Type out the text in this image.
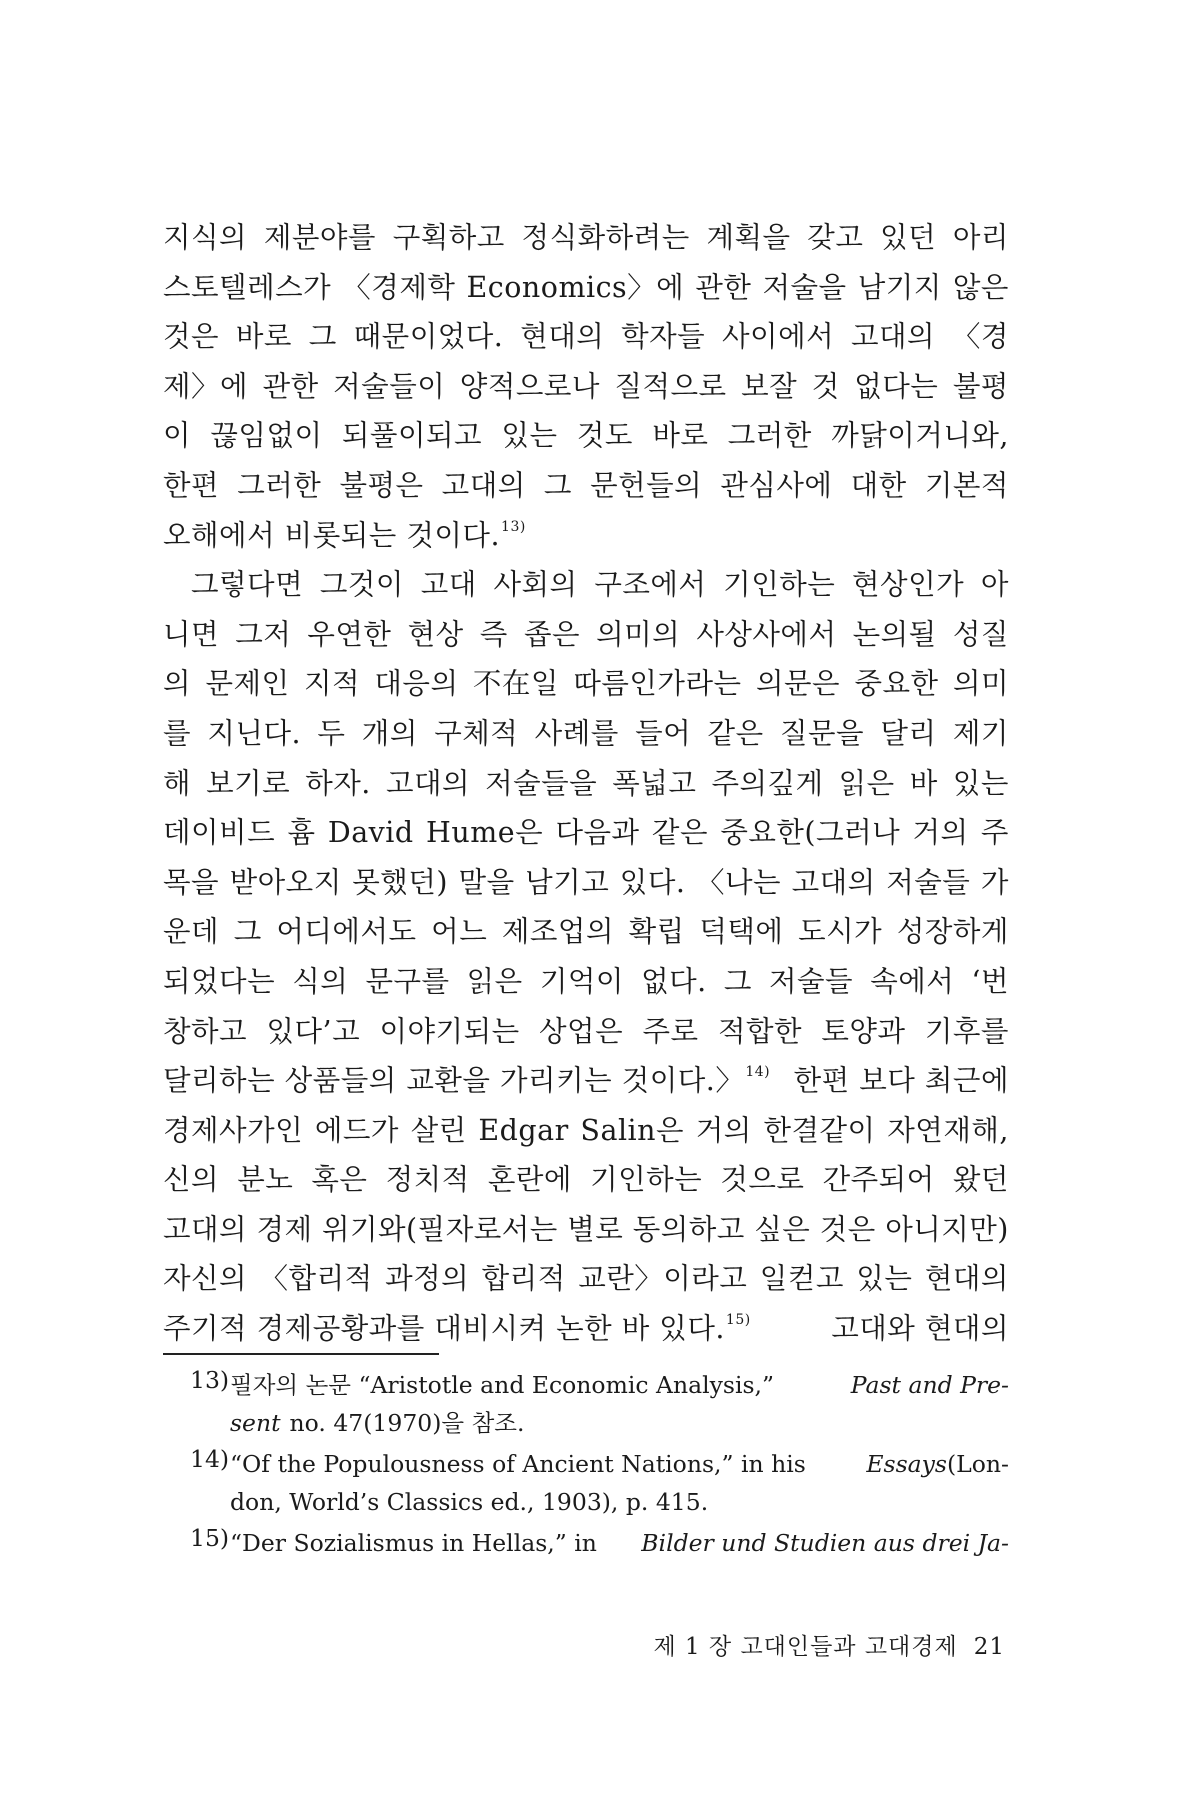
지식의 제분야를 구획하고 정식화하려는 계획을 갖고 있던 아리
스토텔레스가 〈경제학 Economics〉에 관한 저술을 남기지 않은
것은 바로 그 때문이었다. 현대의 학자들 사이에서 고대의 〈경
제〉에 관한 저술들이 양적으로나 질적으로 보잘 것 없다는 불평
이 끊임없이 되풀이되고 있는 것도 바로 그러한 까닭이거니와,
한편 그러한 불평은 고대의 그 문헌들의 관심사에 대한 기본적
오해에서 비롯되는 것이다.$^{13)}$
그렇다면 그것이 고대 사회의 구조에서 기인하는 현상인가 아
니면 그저 우연한 현상 즉 좁은 의미의 사상사에서 논의될 성질
의 문제인 지적 대응의 不在일 따름인가라는 의문은 중요한 의미
를 지닌다. 두 개의 구체적 사례를 들어 같은 질문을 달리 제기
해 보기로 하자. 고대의 저술들을 폭넓고 주의깊게 읽은 바 있는
데이비드 흄 David Hume은 다음과 같은 중요한(그러나 거의 주
목을 받아오지 못했던) 말을 남기고 있다. 〈나는 고대의 저술들 가
운데 그 어디에서도 어느 제조업의 확립 덕택에 도시가 성장하게
되었다는 식의 문구를 읽은 기억이 없다. 그 저술들 속에서 ‘번
창하고 있다’고 이야기되는 상업은 주로 적합한 토양과 기후를
달리하는 상품들의 교환을 가리키는 것이다.〉$^{14)}$ 한편 보다 최근에
경제사가인 에드가 살린 Edgar Salin은 거의 한결같이 자연재해,
신의 분노 혹은 정치적 혼란에 기인하는 것으로 간주되어 왔던
고대의 경제 위기와(필자로서는 별로 동의하고 싶은 것은 아니지만)
자신의 〈합리적 과정의 합리적 교란〉이라고 일컫고 있는 현대의
주기적 경제공황과를 대비시켜 논한 바 있다.$^{15)}$	고대와 현대의
13) 필자의 논문 “Aristotle and Economic Analysis,”	Past and Pre-
sent no. 47(1970)을 참조.
14) “Of the Populousness of Ancient Nations,” in his	Essays(Lon-
don, World’s Classics ed., 1903), p. 415.
15) “Der Sozialismus in Hellas,” in Bilder und Studien aus drei Ja-
제 1 장 고대인들과 고대경제 21
